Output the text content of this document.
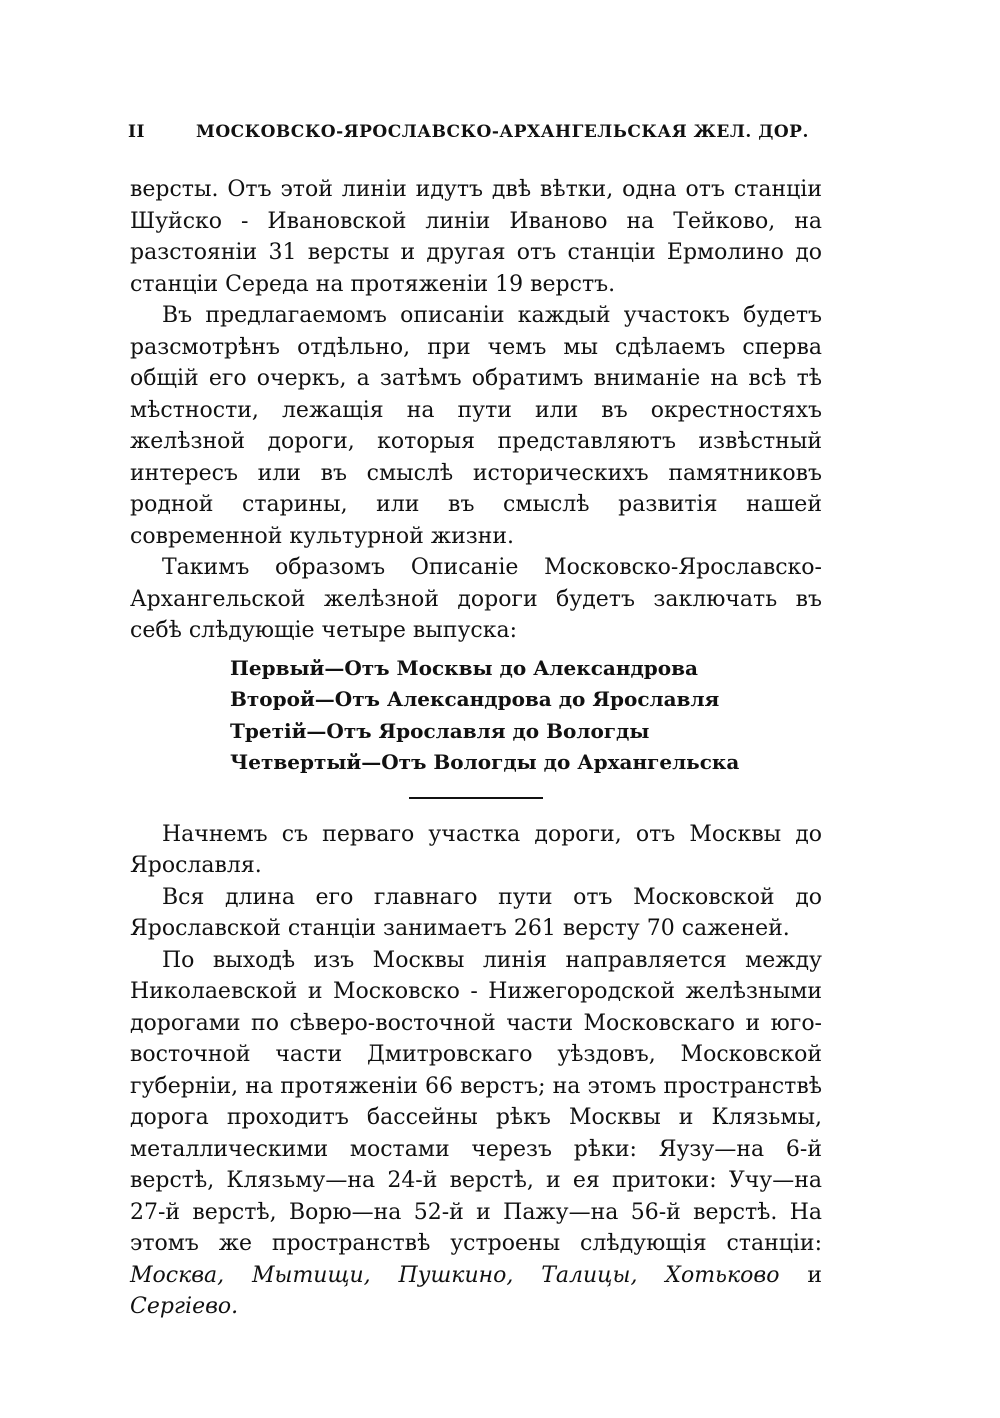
II	МОСКОВСКО-ЯРОСЛАВСКО-АРХАНГЕЛЬСКАЯ ЖЕЛ. ДОР.

версты. Отъ этой линіи идутъ двѣ вѣтки, одна отъ станціи Шуйско - Ивановской линіи Иваново на Тейково, на разстояніи 31 версты и другая отъ станціи Ермолино до станціи Середа на протяженіи 19 верстъ.

Въ предлагаемомъ описаніи каждый участокъ будетъ разсмотрѣнъ отдѣльно, при чемъ мы сдѣлаемъ сперва общій его очеркъ, а затѣмъ обратимъ вниманіе на всѣ тѣ мѣстности, лежащія на пути или въ окрестностяхъ желѣзной дороги, которыя представляютъ извѣстный интересъ или въ смыслѣ историческихъ памятниковъ родной старины, или въ смыслѣ развитія нашей современной культурной жизни.

Такимъ образомъ Описаніе Московско-Ярославско-Архангельской желѣзной дороги будетъ заключать въ себѣ слѣдующіе четыре выпуска:

Первый—Отъ Москвы до Александрова
Второй—Отъ Александрова до Ярославля
Третій—Отъ Ярославля до Вологды
Четвертый—Отъ Вологды до Архангельска

Начнемъ съ перваго участка дороги, отъ Москвы до Ярославля.

Вся длина его главнаго пути отъ Московской до Ярославской станціи занимаетъ 261 версту 70 саженей.

По выходѣ изъ Москвы линія направляется между Николаевской и Московско - Нижегородской желѣзными дорогами по сѣверо-восточной части Московскаго и юго-восточной части Дмитровскаго уѣздовъ, Московской губерніи, на протяженіи 66 верстъ; на этомъ пространствѣ дорога проходитъ бассейны рѣкъ Москвы и Клязьмы, металлическими мостами черезъ рѣки: Яузу—на 6-й верстѣ, Клязьму—на 24-й верстѣ, и ея притоки: Учу—на 27-й верстѣ, Ворю—на 52-й и Пажу—на 56-й верстѣ. На этомъ же пространствѣ устроены слѣдующія станціи: Москва, Мытищи, Пушкино, Талицы, Хотьково и Сергіево.
